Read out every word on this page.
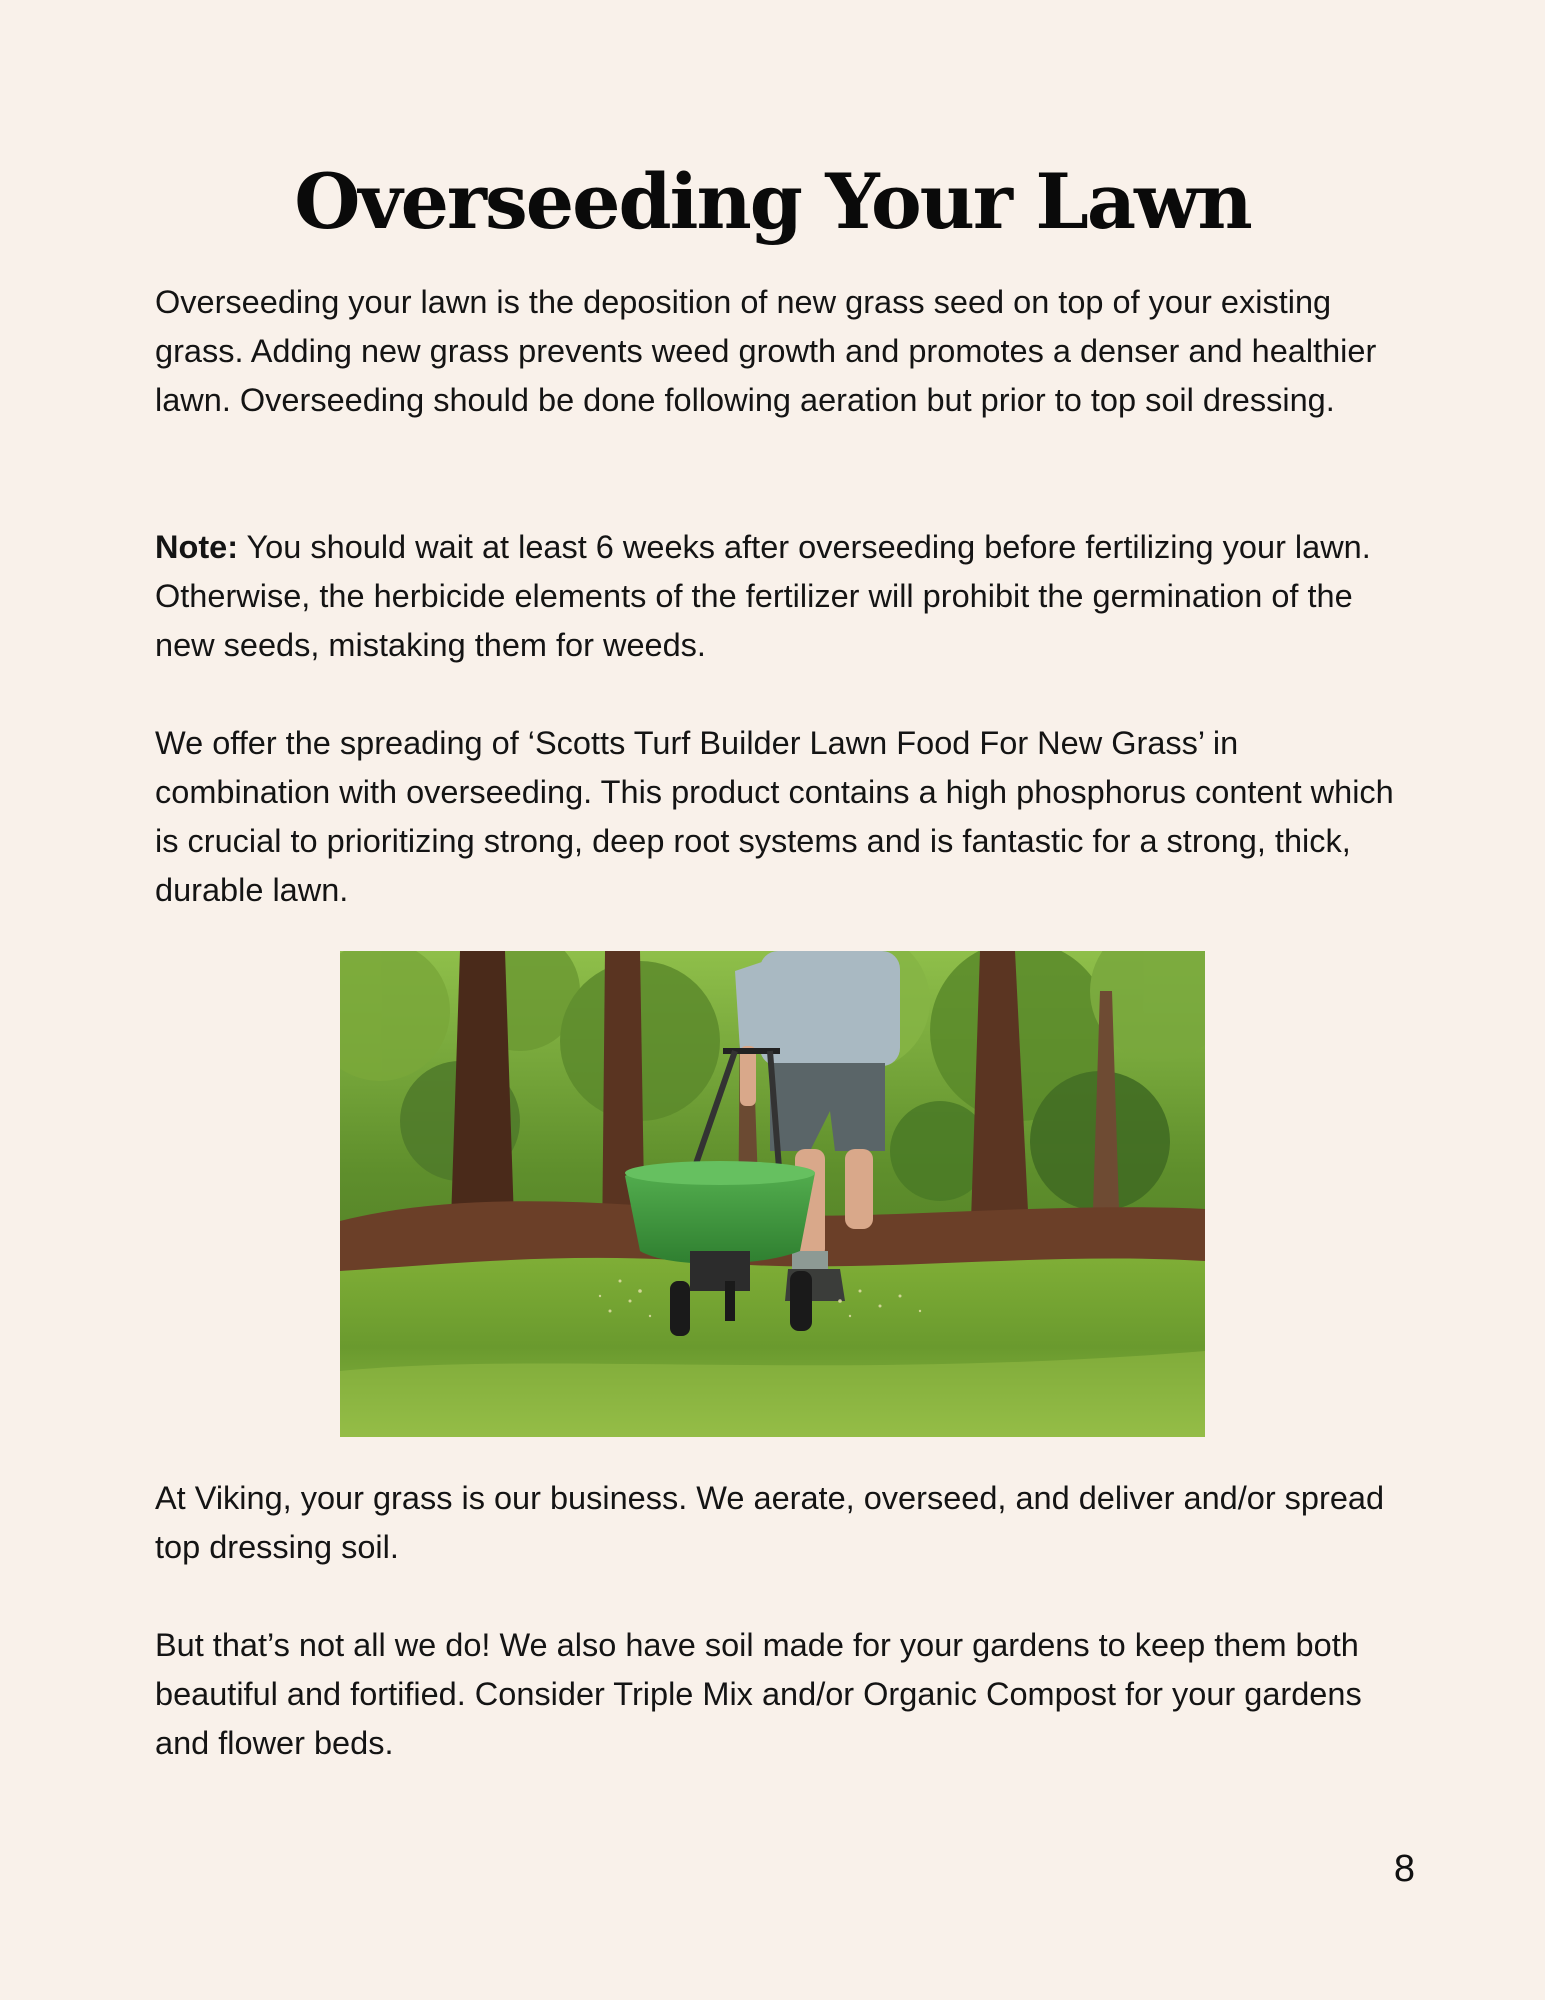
Overseeding Your Lawn

Overseeding your lawn is the deposition of new grass seed on top of your existing grass. Adding new grass prevents weed growth and promotes a denser and healthier lawn. Overseeding should be done following aeration but prior to top soil dressing.

Note: You should wait at least 6 weeks after overseeding before fertilizing your lawn. Otherwise, the herbicide elements of the fertilizer will prohibit the germination of the new seeds, mistaking them for weeds.

We offer the spreading of ‘Scotts Turf Builder Lawn Food For New Grass’ in combination with overseeding. This product contains a high phosphorus content which is crucial to prioritizing strong, deep root systems and is fantastic for a strong, thick, durable lawn.

At Viking, your grass is our business. We aerate, overseed, and deliver and/or spread top dressing soil.

But that’s not all we do! We also have soil made for your gardens to keep them both beautiful and fortified. Consider Triple Mix and/or Organic Compost for your gardens and flower beds.

8
